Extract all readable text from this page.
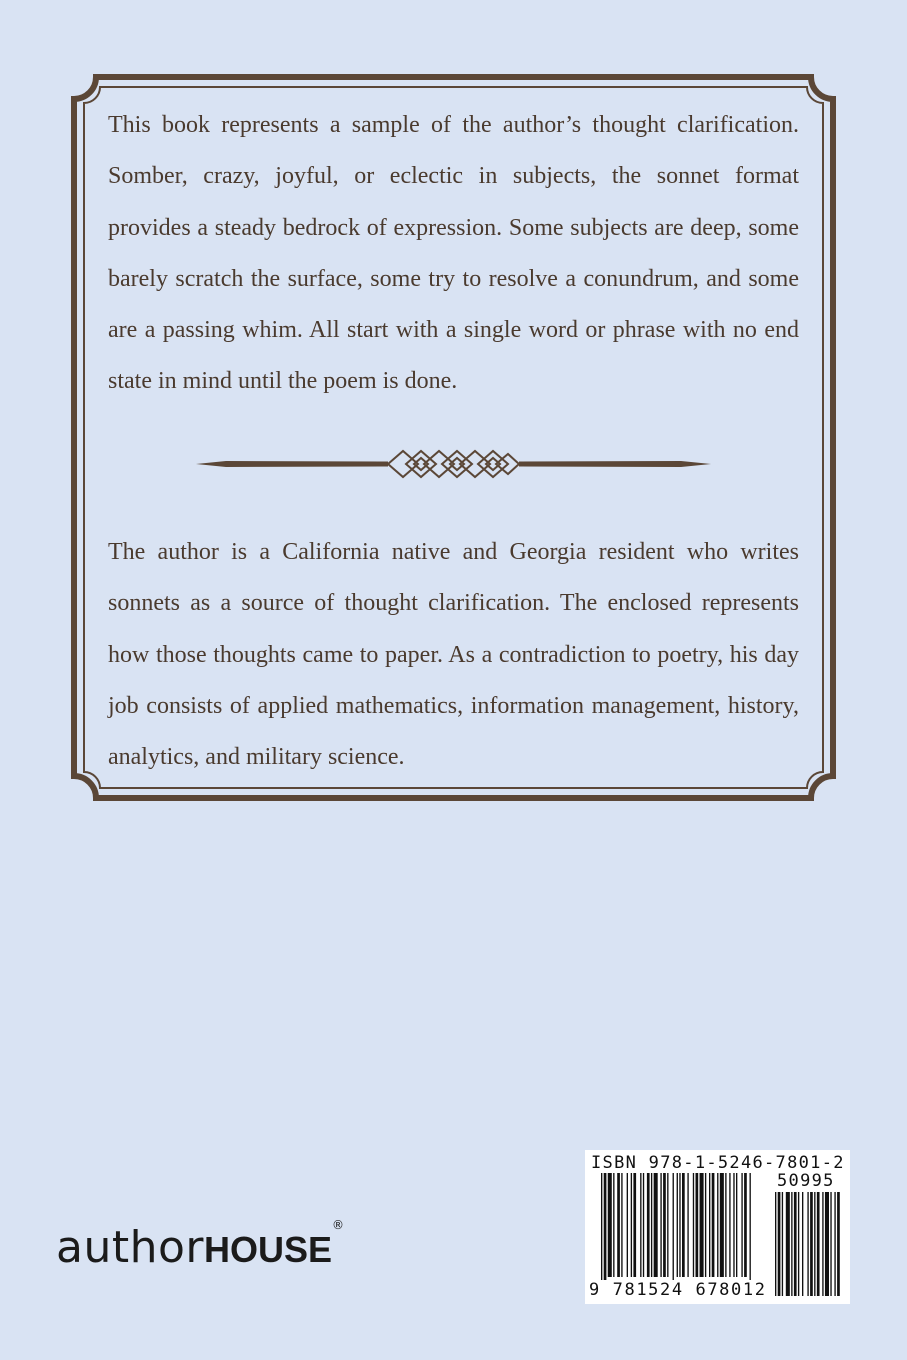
This book represents a sample of the author’s thought clarification. Somber, crazy, joyful, or eclectic in subjects, the sonnet format provides a steady bedrock of expression. Some subjects are deep, some barely scratch the surface, some try to resolve a conundrum, and some are a passing whim. All start with a single word or phrase with no end state in mind until the poem is done.

The author is a California native and Georgia resident who writes sonnets as a source of thought clarification. The enclosed represents how those thoughts came to paper. As a contradiction to poetry, his day job consists of applied mathematics, information management, history, analytics, and military science.

authorHOUSE®
ISBN 978-1-5246-7801-2
50995
9 781524 678012
